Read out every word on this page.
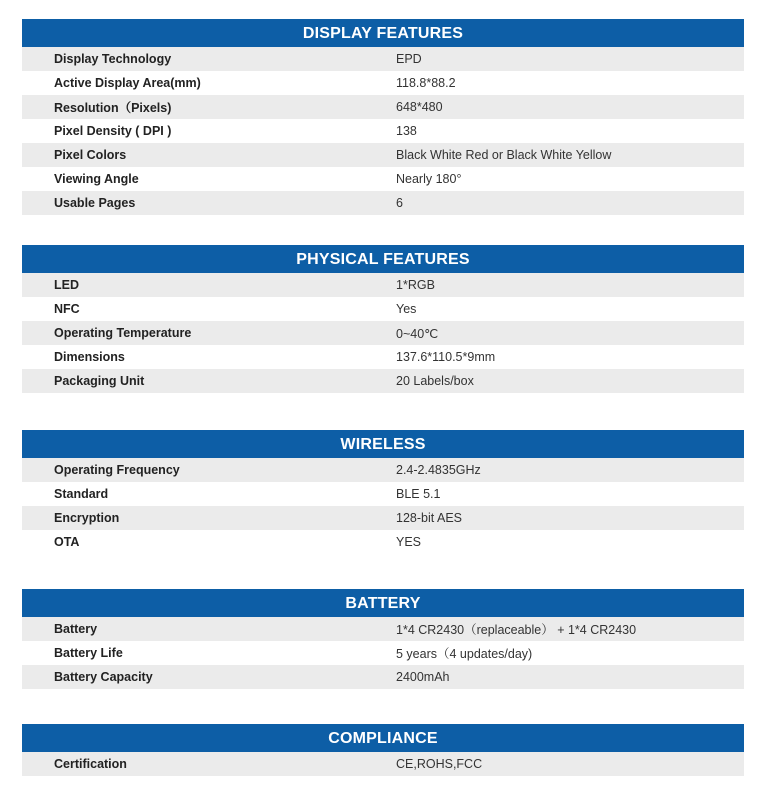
DISPLAY FEATURES
Display Technology	EPD
Active Display Area(mm)	118.8*88.2
Resolution（Pixels)	648*480
Pixel Density ( DPI )	138
Pixel Colors	Black White Red or Black White Yellow
Viewing Angle	Nearly 180°
Usable Pages	6
PHYSICAL FEATURES
LED	1*RGB
NFC	Yes
Operating Temperature	0~40℃
Dimensions	137.6*110.5*9mm
Packaging Unit	20 Labels/box
WIRELESS
Operating Frequency	2.4-2.4835GHz
Standard	BLE 5.1
Encryption	128-bit AES
OTA	YES
BATTERY
Battery	1*4 CR2430（replaceable） + 1*4 CR2430
Battery Life	5 years（4 updates/day)
Battery Capacity	2400mAh
COMPLIANCE
Certification	CE,ROHS,FCC
